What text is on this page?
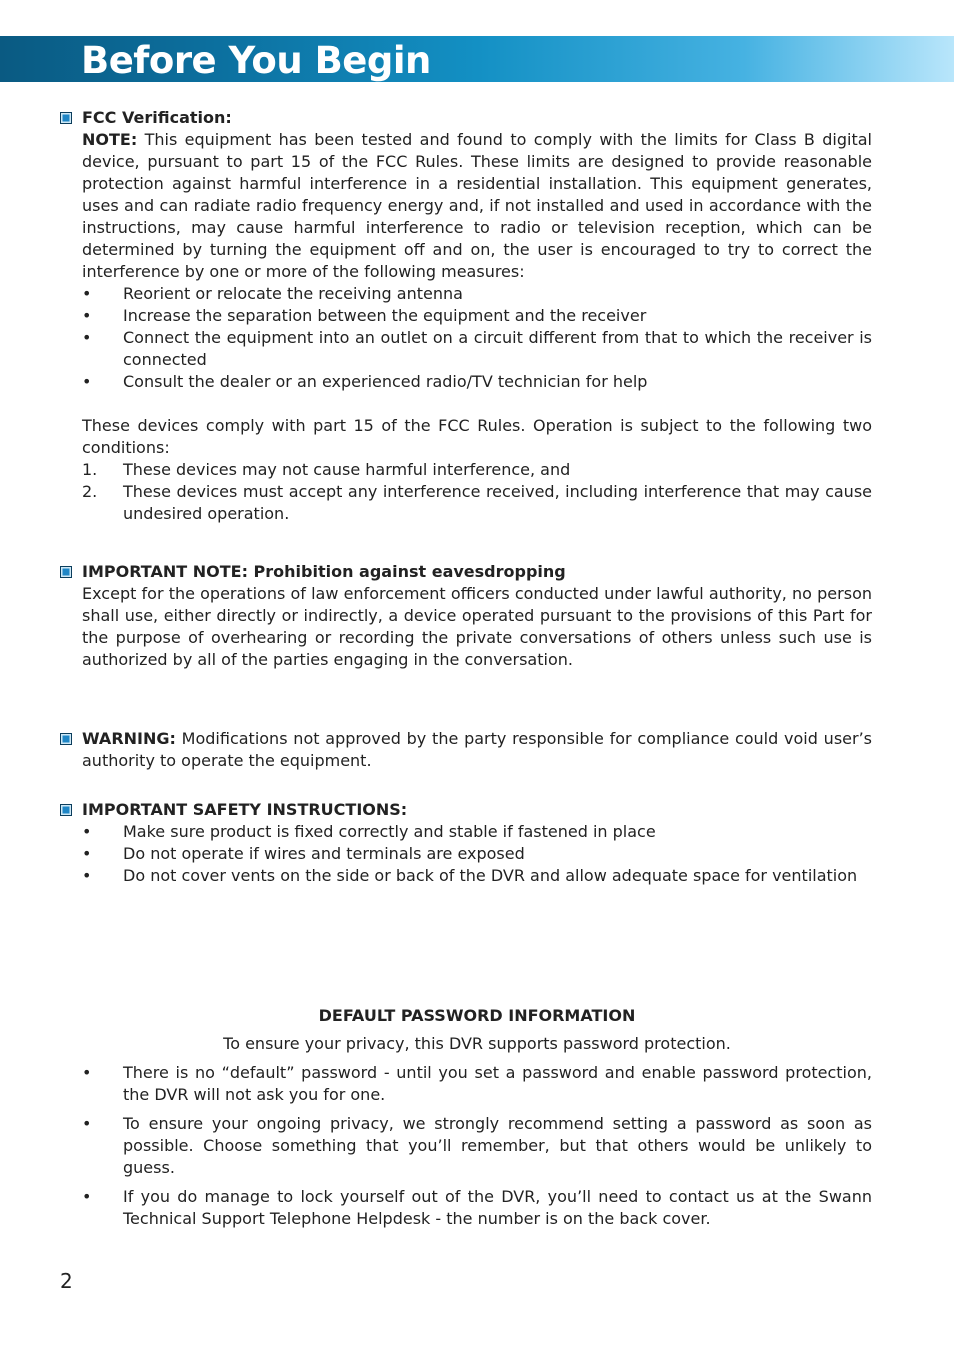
Before You Begin
FCC Verification:
NOTE: This equipment has been tested and found to comply with the limits for Class B digital device, pursuant to part 15 of the FCC Rules. These limits are designed to provide reasonable protection against harmful interference in a residential installation. This equipment generates, uses and can radiate radio frequency energy and, if not installed and used in accordance with the instructions, may cause harmful interference to radio or television reception, which can be determined by turning the equipment off and on, the user is encouraged to try to correct the interference by one or more of the following measures:
•	Reorient or relocate the receiving antenna
•	Increase the separation between the equipment and the receiver
•	Connect the equipment into an outlet on a circuit different from that to which the receiver is connected
•	Consult the dealer or an experienced radio/TV technician for help
These devices comply with part 15 of the FCC Rules. Operation is subject to the following two conditions:
1.	These devices may not cause harmful interference, and
2.	These devices must accept any interference received, including interference that may cause undesired operation.
IMPORTANT NOTE: Prohibition against eavesdropping
Except for the operations of law enforcement officers conducted under lawful authority, no person shall use, either directly or indirectly, a device operated pursuant to the provisions of this Part for the purpose of overhearing or recording the private conversations of others unless such use is authorized by all of the parties engaging in the conversation.
WARNING: Modifications not approved by the party responsible for compliance could void user’s authority to operate the equipment.
IMPORTANT SAFETY INSTRUCTIONS:
•	Make sure product is fixed correctly and stable if fastened in place
•	Do not operate if wires and terminals are exposed
•	Do not cover vents on the side or back of the DVR and allow adequate space for ventilation
DEFAULT PASSWORD INFORMATION
To ensure your privacy, this DVR supports password protection.
•	There is no “default” password - until you set a password and enable password protection, the DVR will not ask you for one.
•	To ensure your ongoing privacy, we strongly recommend setting a password as soon as possible. Choose something that you’ll remember, but that others would be unlikely to guess.
•	If you do manage to lock yourself out of the DVR, you’ll need to contact us at the Swann Technical Support Telephone Helpdesk - the number is on the back cover.
2
